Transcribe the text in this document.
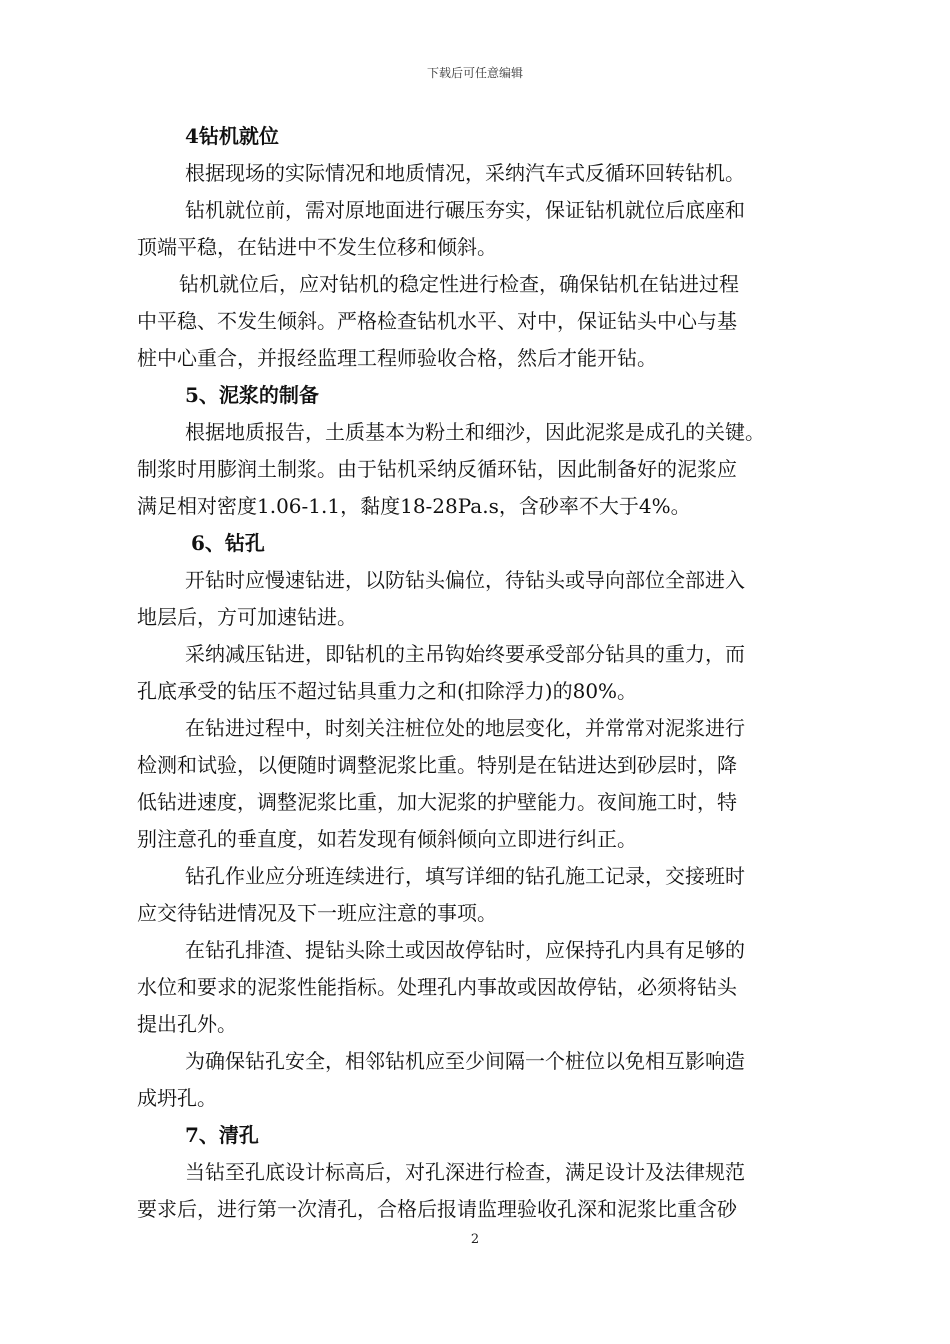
下载后可任意编辑
4钻机就位
根据现场的实际情况和地质情况，采纳汽车式反循环回转钻机。
钻机就位前，需对原地面进行碾压夯实，保证钻机就位后底座和
顶端平稳，在钻进中不发生位移和倾斜。
钻机就位后，应对钻机的稳定性进行检查，确保钻机在钻进过程
中平稳、不发生倾斜。严格检查钻机水平、对中，保证钻头中心与基
桩中心重合，并报经监理工程师验收合格，然后才能开钻。
5、泥浆的制备
根据地质报告，土质基本为粉土和细沙，因此泥浆是成孔的关键。
制浆时用膨润土制浆。由于钻机采纳反循环钻，因此制备好的泥浆应
满足相对密度1.06-1.1，黏度18-28Pa.s，含砂率不大于4%。
6、钻孔
开钻时应慢速钻进，以防钻头偏位，待钻头或导向部位全部进入
地层后，方可加速钻进。
采纳减压钻进，即钻机的主吊钩始终要承受部分钻具的重力，而
孔底承受的钻压不超过钻具重力之和(扣除浮力)的80%。
在钻进过程中，时刻关注桩位处的地层变化，并常常对泥浆进行
检测和试验，以便随时调整泥浆比重。特别是在钻进达到砂层时，降
低钻进速度，调整泥浆比重，加大泥浆的护壁能力。夜间施工时，特
别注意孔的垂直度，如若发现有倾斜倾向立即进行纠正。
钻孔作业应分班连续进行，填写详细的钻孔施工记录，交接班时
应交待钻进情况及下一班应注意的事项。
在钻孔排渣、提钻头除土或因故停钻时，应保持孔内具有足够的
水位和要求的泥浆性能指标。处理孔内事故或因故停钻，必须将钻头
提出孔外。
为确保钻孔安全，相邻钻机应至少间隔一个桩位以免相互影响造
成坍孔。
7、清孔
当钻至孔底设计标高后，对孔深进行检查，满足设计及法律规范
要求后，进行第一次清孔，合格后报请监理验收孔深和泥浆比重含砂
2
